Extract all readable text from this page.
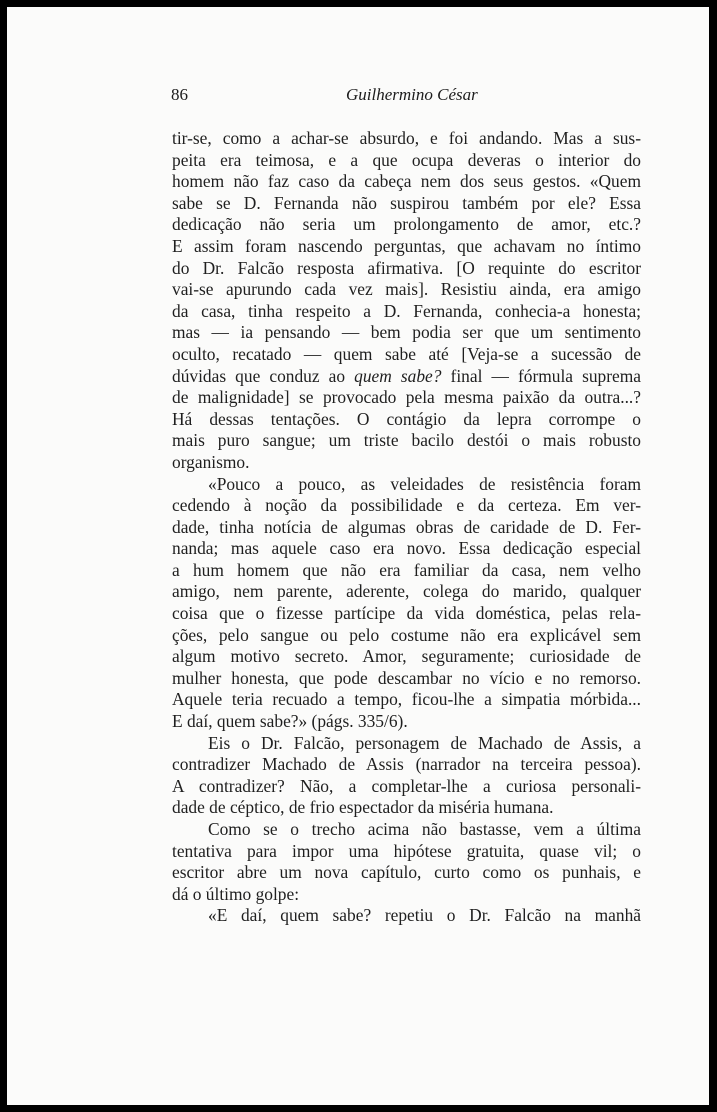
86	Guilhermino César
tir-se, como a achar-se absurdo, e foi andando. Mas a sus-
peita era teimosa, e a que ocupa deveras o interior do
homem não faz caso da cabeça nem dos seus gestos. «Quem
sabe se D. Fernanda não suspirou também por ele? Essa
dedicação não seria um prolongamento de amor, etc.?
E assim foram nascendo perguntas, que achavam no íntimo
do Dr. Falcão resposta afirmativa. [O requinte do escritor
vai-se apurundo cada vez mais]. Resistiu ainda, era amigo
da casa, tinha respeito a D. Fernanda, conhecia-a honesta;
mas — ia pensando — bem podia ser que um sentimento
oculto, recatado — quem sabe até [Veja-se a sucessão de
dúvidas que conduz ao quem sabe? final — fórmula suprema
de malignidade] se provocado pela mesma paixão da outra...?
Há dessas tentações. O contágio da lepra corrompe o
mais puro sangue; um triste bacilo destói o mais robusto
organismo.
«Pouco a pouco, as veleidades de resistência foram
cedendo à noção da possibilidade e da certeza. Em ver-
dade, tinha notícia de algumas obras de caridade de D. Fer-
nanda; mas aquele caso era novo. Essa dedicação especial
a hum homem que não era familiar da casa, nem velho
amigo, nem parente, aderente, colega do marido, qualquer
coisa que o fizesse partícipe da vida doméstica, pelas rela-
ções, pelo sangue ou pelo costume não era explicável sem
algum motivo secreto. Amor, seguramente; curiosidade de
mulher honesta, que pode descambar no vício e no remorso.
Aquele teria recuado a tempo, ficou-lhe a simpatia mórbida...
E daí, quem sabe?» (págs. 335/6).
Eis o Dr. Falcão, personagem de Machado de Assis, a
contradizer Machado de Assis (narrador na terceira pessoa).
A contradizer? Não, a completar-lhe a curiosa personali-
dade de céptico, de frio espectador da miséria humana.
Como se o trecho acima não bastasse, vem a última
tentativa para impor uma hipótese gratuita, quase vil; o
escritor abre um nova capítulo, curto como os punhais, e
dá o último golpe:
«E daí, quem sabe? repetiu o Dr. Falcão na manhã
